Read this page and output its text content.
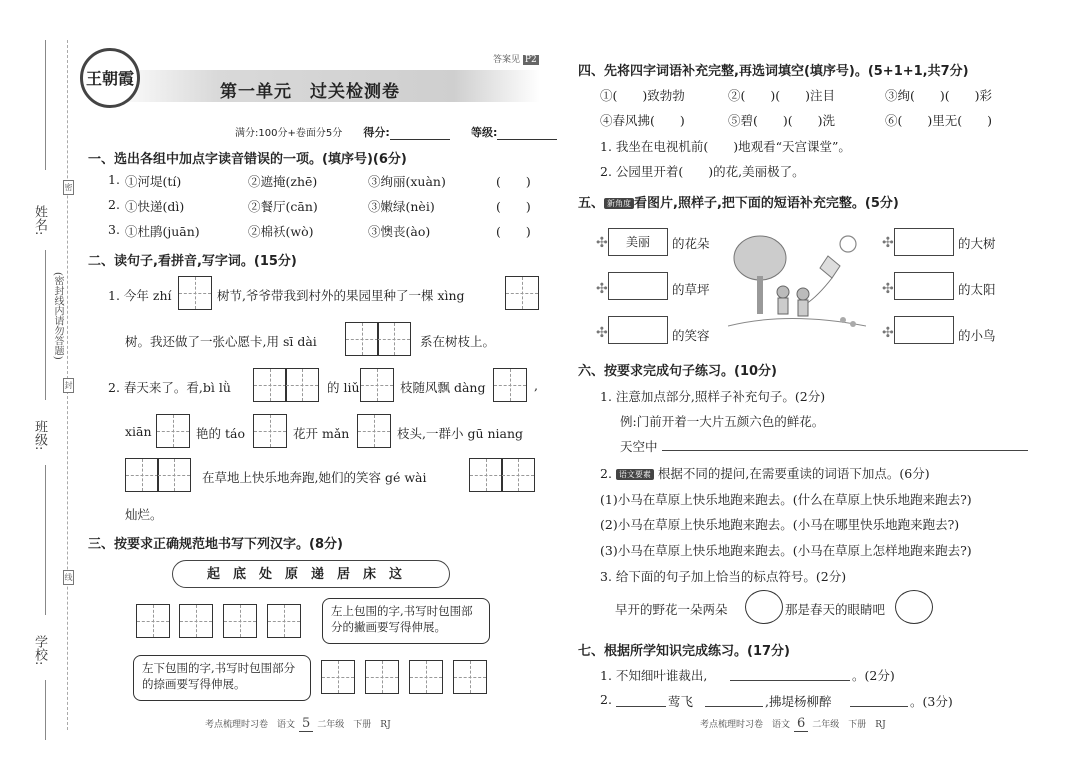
姓名:
班级:
学校:
密
封
线
(密封线内请勿答题)
王朝霞
答案见 P2
第一单元　过关检测卷
满分:100分+卷面分5分 得分:	等级:
一、选出各组中加点字读音错误的一项。(填序号)(6分)
1. ①河堤(tí)	②遮掩(zhē)	③绚丽(xuàn)	(　　)
2. ①快递(dì)	②餐厅(cān)	③嫩绿(nèi)	(　　)
3. ①杜鹃(juān)	②棉袄(wò)	③懊丧(ào)	(　　)
二、读句子,看拼音,写字词。(15分)
1. 今年 zhí	树节,爷爷带我到村外的果园里种了一棵 xìng
树。我还做了一张心愿卡,用 sī dài	系在树枝上。
2. 春天来了。看,bì lǜ	的 liǔ	枝随风飘 dàng	,
xiān	艳的 táo	花开 mǎn	枝头,一群小 gū niang
在草地上快乐地奔跑,她们的笑容 gé wài
灿烂。
三、按要求正确规范地书写下列汉字。(8分)
起底处原递居床这
左上包围的字,书写时包围部分的撇画要写得伸展。
左下包围的字,书写时包围部分的捺画要写得伸展。
考点梳理时习卷　语文 5 二年级　下册　RJ
四、先将四字词语补充完整,再选词填空(填序号)。(5+1+1,共7分)
①(　　)致勃勃	②(　　)(　　)注目	③绚(　　)(　　)彩
④春风拂(　　)	⑤碧(　　)(　　)洗	⑥(　　)里无(　　)
1. 我坐在电视机前(　　)地观看“天宫课堂”。
2. 公园里开着(　　)的花,美丽极了。
五、 新角度 看图片,照样子,把下面的短语补充完整。(5分)
✣	美丽	的花朵
✣	的草坪
✣	的笑容
✣	的大树
✣	的太阳
✣	的小鸟
六、按要求完成句子练习。(10分)
1. 注意加点部分,照样子补充句子。(2分)
例:门前开着一大片五颜六色的鲜花。
天空中
2. 语文要素 根据不同的提问,在需要重读的词语下加点。(6分)
(1)小马在草原上快乐地跑来跑去。(什么在草原上快乐地跑来跑去?)
(2)小马在草原上快乐地跑来跑去。(小马在哪里快乐地跑来跑去?)
(3)小马在草原上快乐地跑来跑去。(小马在草原上怎样地跑来跑去?)
3. 给下面的句子加上恰当的标点符号。(2分)
早开的野花一朵两朵	那是春天的眼睛吧
七、根据所学知识完成练习。(17分)
1. 不知细叶谁裁出,	。(2分)
2.	莺飞	,拂堤杨柳醉	。(3分)
考点梳理时习卷　语文 6 二年级　下册　RJ
